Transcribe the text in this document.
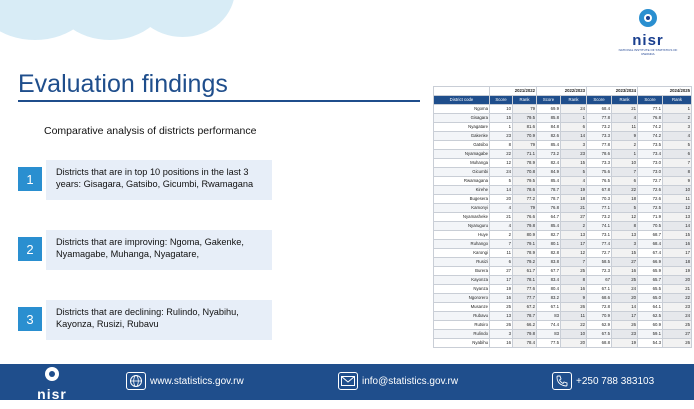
nisr
NATIONAL INSTITUTE OF STATISTICS OF RWANDA
Evaluation findings
Comparative analysis of districts performance
1	Districts that are in top 10 positions in the last 3 years: Gisagara, Gatsibo, Gicumbi, Rwamagana
2	Districts that are improving: Ngoma, Gakenke, Nyamagabe, Muhanga, Nyagatare,
3	Districts that are declining: Rulindo, Nyabihu, Kayonza, Rusizi, Rubavu
	2021/2022		2022/2023		2023/2024		2024/2025	
District code	Score	Rank	Score	Rank	Score	Rank	Score	Rank
Ngoma	10	79	69.9	24	68.4	21	77.1	1
Gisagara	15	79.5	85.8	1	77.8	4	76.8	2
Nyagatare	1	81.6	84.8	6	73.2	11	74.2	3
Gakenke	23	70.9	82.6	14	73.3	9	74.2	4
Gatsibo	8	79	85.4	3	77.8	2	73.5	5
Nyamagabe	22	71.1	73.2	23	78.6	1	73.4	6
Muhanga	12	78.9	82.4	15	73.3	10	73.0	7
Gicumbi	24	70.8	84.9	5	75.6	7	73.0	8
Rwamagana	5	79.5	85.4	4	76.5	6	72.7	9
Kirehe	14	78.6	78.7	19	67.8	22	72.6	10
Bugesera	20	77.2	78.7	18	70.3	18	72.6	11
Kamonyi	4	79	76.8	21	77.1	5	72.5	12
Nyamasheke	21	76.6	64.7	27	73.2	12	71.9	13
Nyaruguru	4	79.8	85.4	2	74.1	8	70.5	14
Huye	2	80.9	82.7	13	73.1	13	68.7	15
Ruhango	7	79.1	80.1	17	77.4	3	68.4	16
Karongi	11	78.9	82.8	12	72.7	15	67.4	17
Rusizi	6	79.2	83.8	7	58.5	27	66.9	18
Burera	27	61.7	67.7	25	72.3	16	65.9	19
Kayonza	17	78.1	83.4	8	67	25	65.7	20
Nyanza	19	77.6	80.4	16	67.1	24	65.5	21
Ngororero	16	77.7	83.2	9	68.6	20	65.0	22
Musanze	25	67.2	67.1	26	72.8	14	64.1	23
Rubavu	13	78.7	83	11	70.9	17	62.5	24
Rutsiro	26	66.2	74.4	22	62.9	26	60.9	25
Rulindo	3	79.8	83	10	67.5	23	59.1	27
Nyabihu	16	78.4	77.5	20	68.8	19	54.3	26
nisr
NATIONAL INSTITUTE OF STATISTICS OF RWANDA
www.statistics.gov.rw	info@statistics.gov.rw	+250 788 383103
